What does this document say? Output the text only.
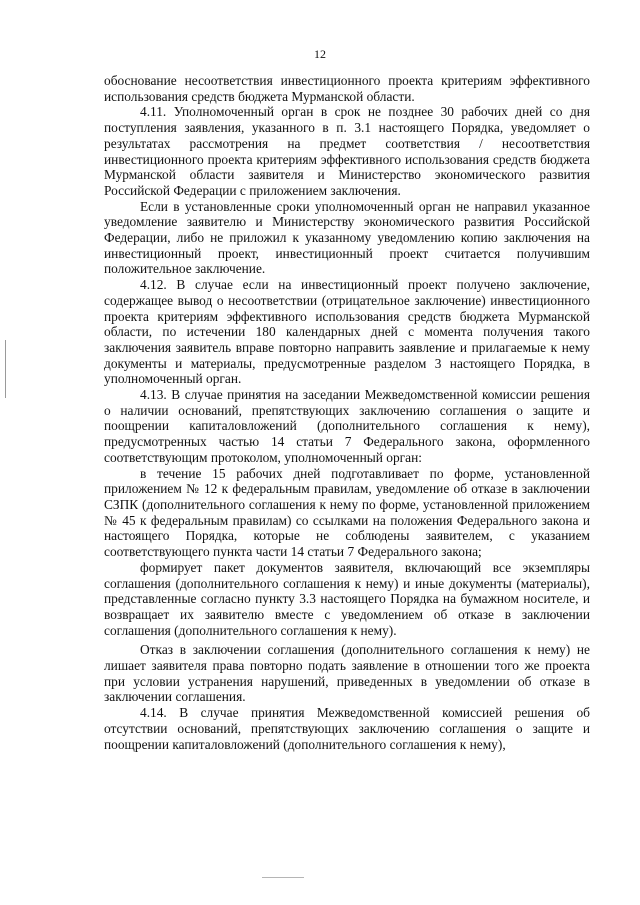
12

обоснование несоответствия инвестиционного проекта критериям эффективного использования средств бюджета Мурманской области.

4.11. Уполномоченный орган в срок не позднее 30 рабочих дней со дня поступления заявления, указанного в п. 3.1 настоящего Порядка, уведомляет о результатах рассмотрения на предмет соответствия / несоответствия инвестиционного проекта критериям эффективного использования средств бюджета Мурманской области заявителя и Министерство экономического развития Российской Федерации с приложением заключения.

Если в установленные сроки уполномоченный орган не направил указанное уведомление заявителю и Министерству экономического развития Российской Федерации, либо не приложил к указанному уведомлению копию заключения на инвестиционный проект, инвестиционный проект считается получившим положительное заключение.

4.12. В случае если на инвестиционный проект получено заключение, содержащее вывод о несоответствии (отрицательное заключение) инвестиционного проекта критериям эффективного использования средств бюджета Мурманской области, по истечении 180 календарных дней с момента получения такого заключения заявитель вправе повторно направить заявление и прилагаемые к нему документы и материалы, предусмотренные разделом 3 настоящего Порядка, в уполномоченный орган.

4.13. В случае принятия на заседании Межведомственной комиссии решения о наличии оснований, препятствующих заключению соглашения о защите и поощрении капиталовложений (дополнительного соглашения к нему), предусмотренных частью 14 статьи 7 Федерального закона, оформленного соответствующим протоколом, уполномоченный орган:

в течение 15 рабочих дней подготавливает по форме, установленной приложением № 12 к федеральным правилам, уведомление об отказе в заключении СЗПК (дополнительного соглашения к нему по форме, установленной приложением № 45 к федеральным правилам) со ссылками на положения Федерального закона и настоящего Порядка, которые не соблюдены заявителем, с указанием соответствующего пункта части 14 статьи 7 Федерального закона;

формирует пакет документов заявителя, включающий все экземпляры соглашения (дополнительного соглашения к нему) и иные документы (материалы), представленные согласно пункту 3.3 настоящего Порядка на бумажном носителе, и возвращает их заявителю вместе с уведомлением об отказе в заключении соглашения (дополнительного соглашения к нему).

Отказ в заключении соглашения (дополнительного соглашения к нему) не лишает заявителя права повторно подать заявление в отношении того же проекта при условии устранения нарушений, приведенных в уведомлении об отказе в заключении соглашения.

4.14. В случае принятия Межведомственной комиссией решения об отсутствии оснований, препятствующих заключению соглашения о защите и поощрении капиталовложений (дополнительного соглашения к нему),
